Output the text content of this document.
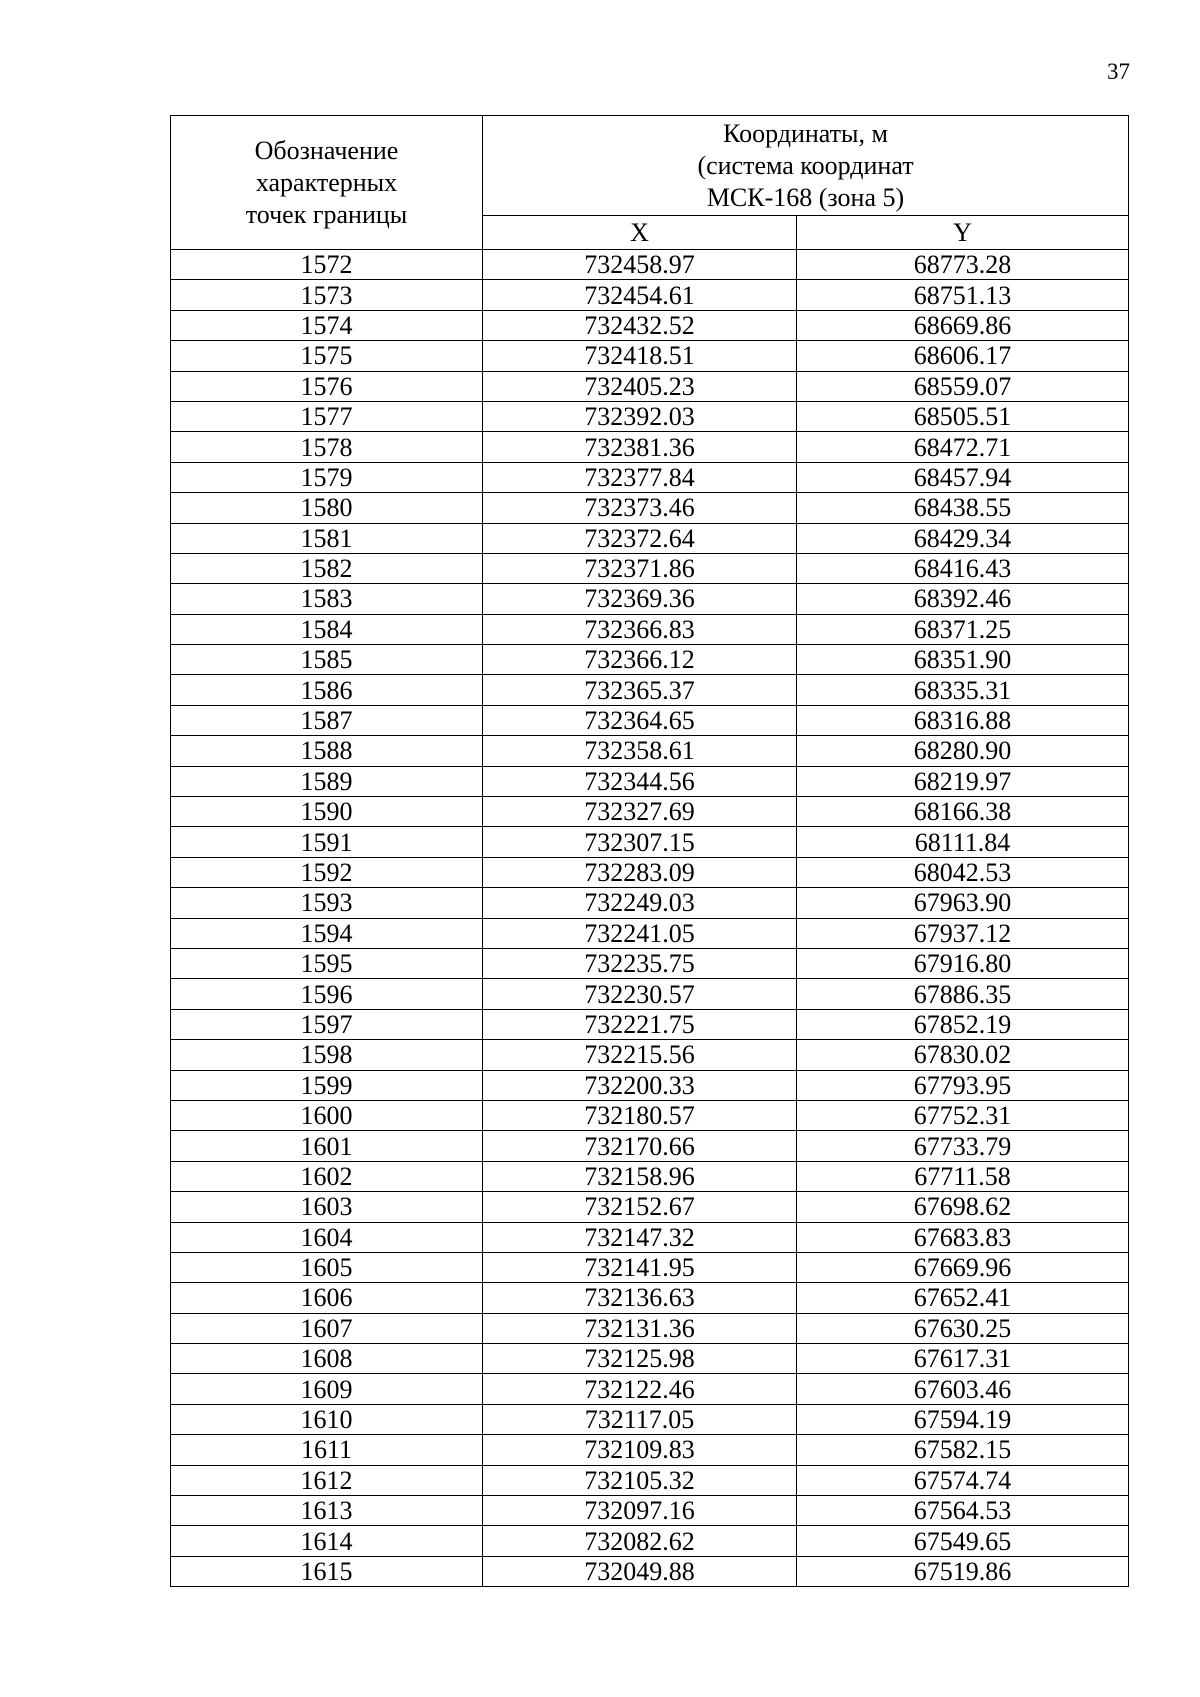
37
Обозначение
характерных
точек границы	Координаты, м
(система координат
МСК-168 (зона 5)	

	X	Y
1572	732458.97	68773.28
1573	732454.61	68751.13
1574	732432.52	68669.86
1575	732418.51	68606.17
1576	732405.23	68559.07
1577	732392.03	68505.51
1578	732381.36	68472.71
1579	732377.84	68457.94
1580	732373.46	68438.55
1581	732372.64	68429.34
1582	732371.86	68416.43
1583	732369.36	68392.46
1584	732366.83	68371.25
1585	732366.12	68351.90
1586	732365.37	68335.31
1587	732364.65	68316.88
1588	732358.61	68280.90
1589	732344.56	68219.97
1590	732327.69	68166.38
1591	732307.15	68111.84
1592	732283.09	68042.53
1593	732249.03	67963.90
1594	732241.05	67937.12
1595	732235.75	67916.80
1596	732230.57	67886.35
1597	732221.75	67852.19
1598	732215.56	67830.02
1599	732200.33	67793.95
1600	732180.57	67752.31
1601	732170.66	67733.79
1602	732158.96	67711.58
1603	732152.67	67698.62
1604	732147.32	67683.83
1605	732141.95	67669.96
1606	732136.63	67652.41
1607	732131.36	67630.25
1608	732125.98	67617.31
1609	732122.46	67603.46
1610	732117.05	67594.19
1611	732109.83	67582.15
1612	732105.32	67574.74
1613	732097.16	67564.53
1614	732082.62	67549.65
1615	732049.88	67519.86
